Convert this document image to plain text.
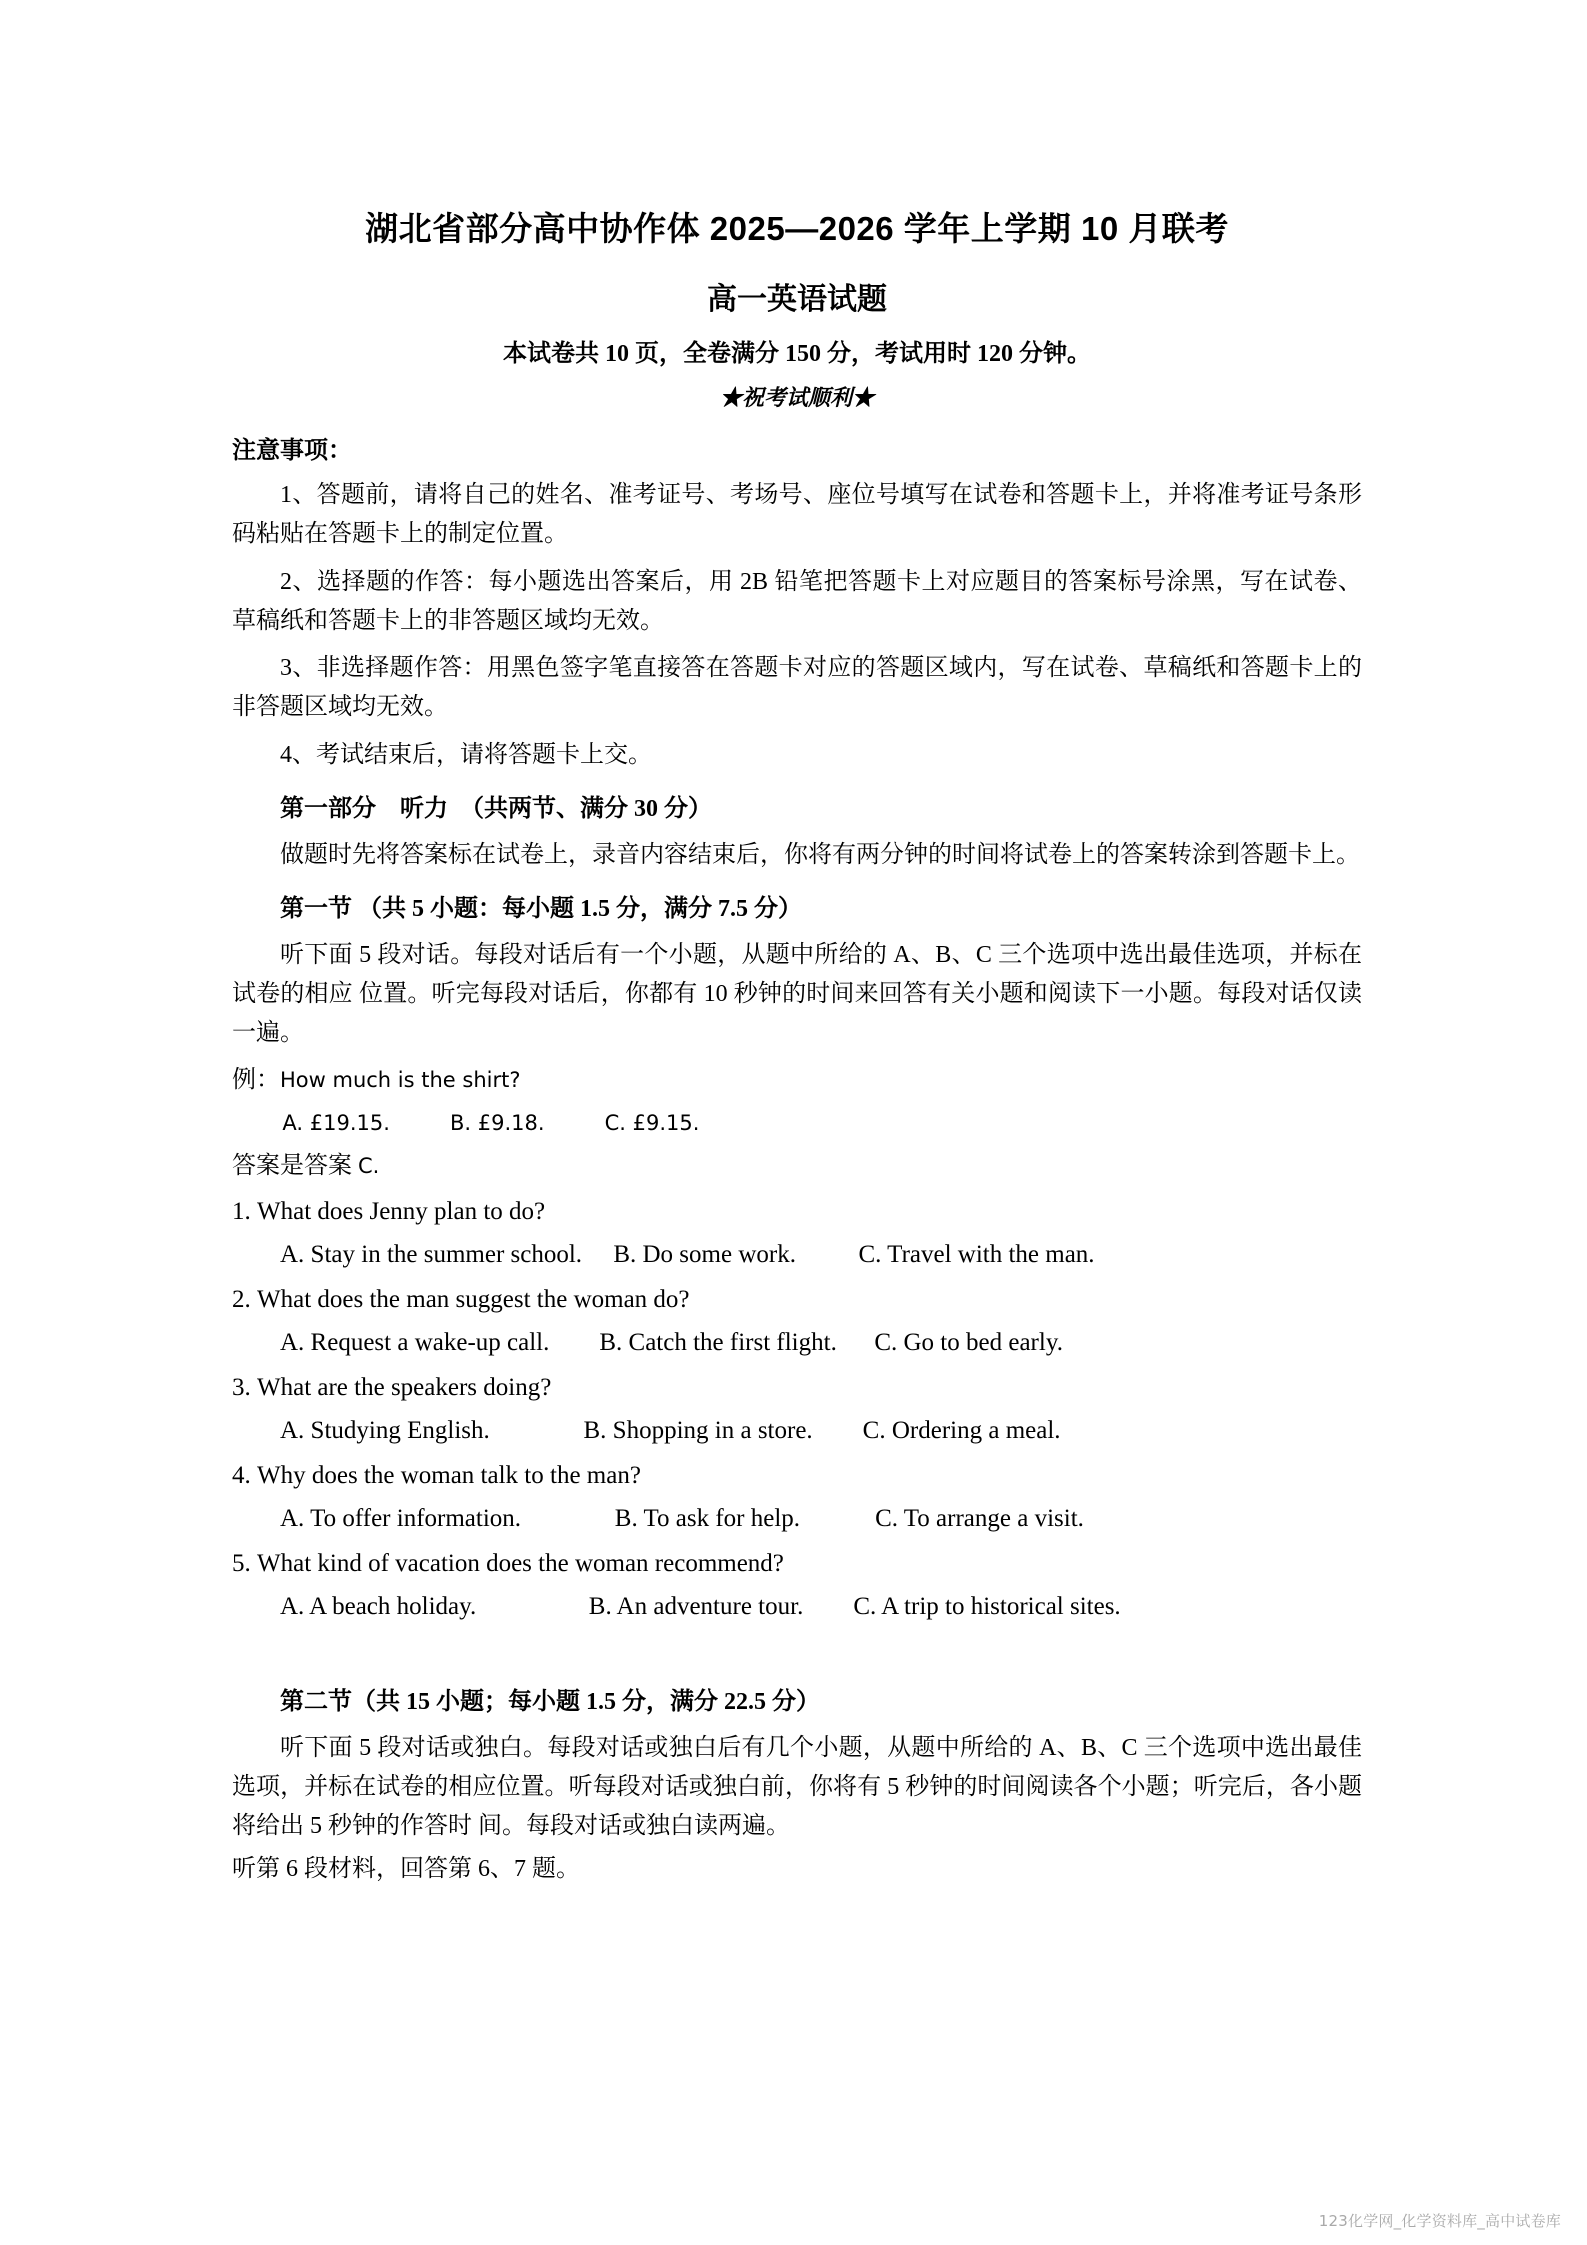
湖北省部分高中协作体 2025—2026 学年上学期 10 月联考
高一英语试题

本试卷共 10 页，全卷满分 150 分，考试用时 120 分钟。

★祝考试顺利★

注意事项：

1、答题前，请将自己的姓名、准考证号、考场号、座位号填写在试卷和答题卡上，并将准考证号条形码粘贴在答题卡上的制定位置。

2、选择题的作答：每小题选出答案后，用 2B 铅笔把答题卡上对应题目的答案标号涂黑，写在试卷、草稿纸和答题卡上的非答题区域均无效。

3、非选择题作答：用黑色签字笔直接答在答题卡对应的答题区域内，写在试卷、草稿纸和答题卡上的非答题区域均无效。

4、考试结束后，请将答题卡上交。

第一部分　听力　（共两节、满分 30 分）

做题时先将答案标在试卷上，录音内容结束后，你将有两分钟的时间将试卷上的答案转涂到答题卡上。

第一节 （共 5 小题：每小题 1.5 分，满分 7.5 分）

听下面 5 段对话。每段对话后有一个小题，从题中所给的 A、B、C 三个选项中选出最佳选项，并标在试卷的相应 位置。听完每段对话后，你都有 10 秒钟的时间来回答有关小题和阅读下一小题。每段对话仅读一遍。

例：How much is the shirt?

A. £19.15.	B. £9.18.	C. £9.15.

答案是答案 C.

1. What does Jenny plan to do?

A. Stay in the summer school. B. Do some work.	C. Travel with the man.

2. What does the man suggest the woman do?

A. Request a wake-up call. B. Catch the first flight. C. Go to bed early.

3. What are the speakers doing?

A. Studying English.	B. Shopping in a store. C. Ordering a meal.

4. Why does the woman talk to the man?

A. To offer information.	B. To ask for help.	C. To arrange a visit.

5. What kind of vacation does the woman recommend?

A. A beach holiday.	B. An adventure tour. C. A trip to historical sites.

第二节（共 15 小题；每小题 1.5 分，满分 22.5 分）

听下面 5 段对话或独白。每段对话或独白后有几个小题，从题中所给的 A、B、C 三个选项中选出最佳选项，并标在试卷的相应位置。听每段对话或独白前，你将有 5 秒钟的时间阅读各个小题；听完后，各小题将给出 5 秒钟的作答时 间。每段对话或独白读两遍。

听第 6 段材料，回答第 6、7 题。

123化学网_化学资料库_高中试卷库
